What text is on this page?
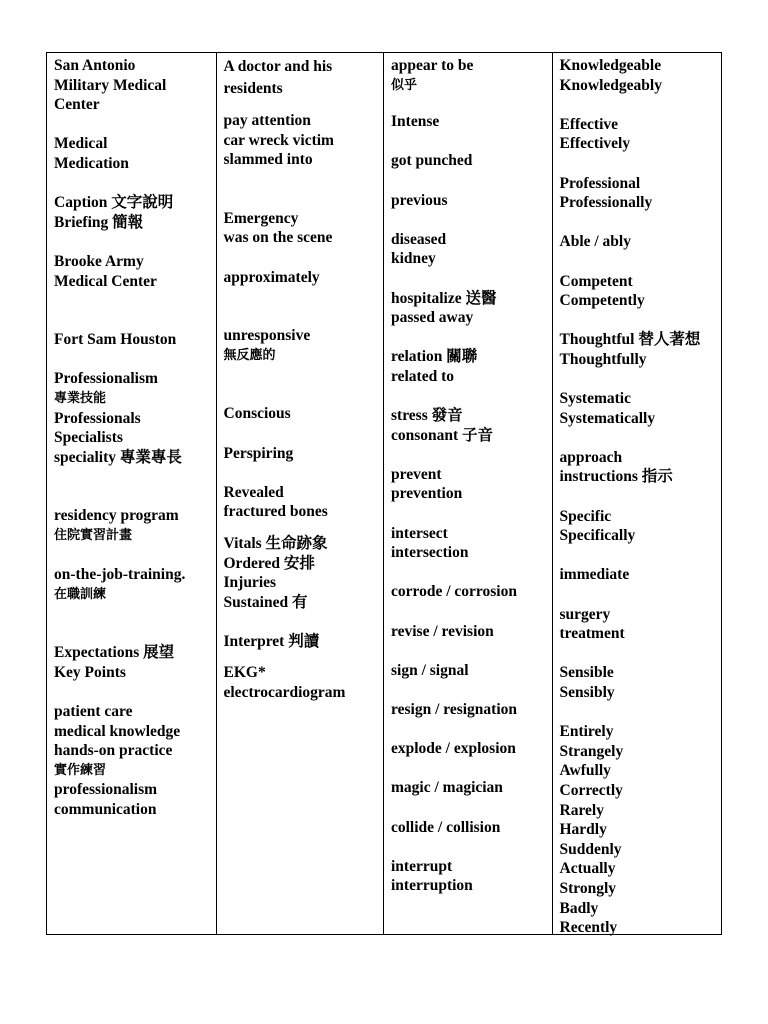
San Antonio
Military Medical
Center
Medical
Medication
Caption 文字說明
Briefing 簡報
Brooke Army
Medical Center
Fort Sam Houston
Professionalism
專業技能
Professionals
Specialists
speciality 專業專長
residency program
住院實習計畫
on-the-job-training.
在職訓練
Expectations 展望
Key Points
patient care
medical knowledge
hands-on practice
實作練習
professionalism
communication
A doctor and his
residents
pay attention
car wreck victim
slammed into
Emergency
was on the scene
approximately
unresponsive
無反應的
Conscious
Perspiring
Revealed
fractured bones
Vitals 生命跡象
Ordered 安排
Injuries
Sustained 有
Interpret 判讀
EKG*
electrocardiogram
appear to be
似乎
Intense
got punched
previous
diseased
kidney
hospitalize 送醫
passed away
relation 關聯
related to
stress 發音
consonant 子音
prevent
prevention
intersect
intersection
corrode / corrosion
revise / revision
sign / signal
resign / resignation
explode / explosion
magic / magician
collide / collision
interrupt
interruption
Knowledgeable
Knowledgeably
Effective
Effectively
Professional
Professionally
Able / ably
Competent
Competently
Thoughtful 替人著想
Thoughtfully
Systematic
Systematically
approach
instructions 指示
Specific
Specifically
immediate
surgery
treatment
Sensible
Sensibly
Entirely
Strangely
Awfully
Correctly
Rarely
Hardly
Suddenly
Actually
Strongly
Badly
Recently
